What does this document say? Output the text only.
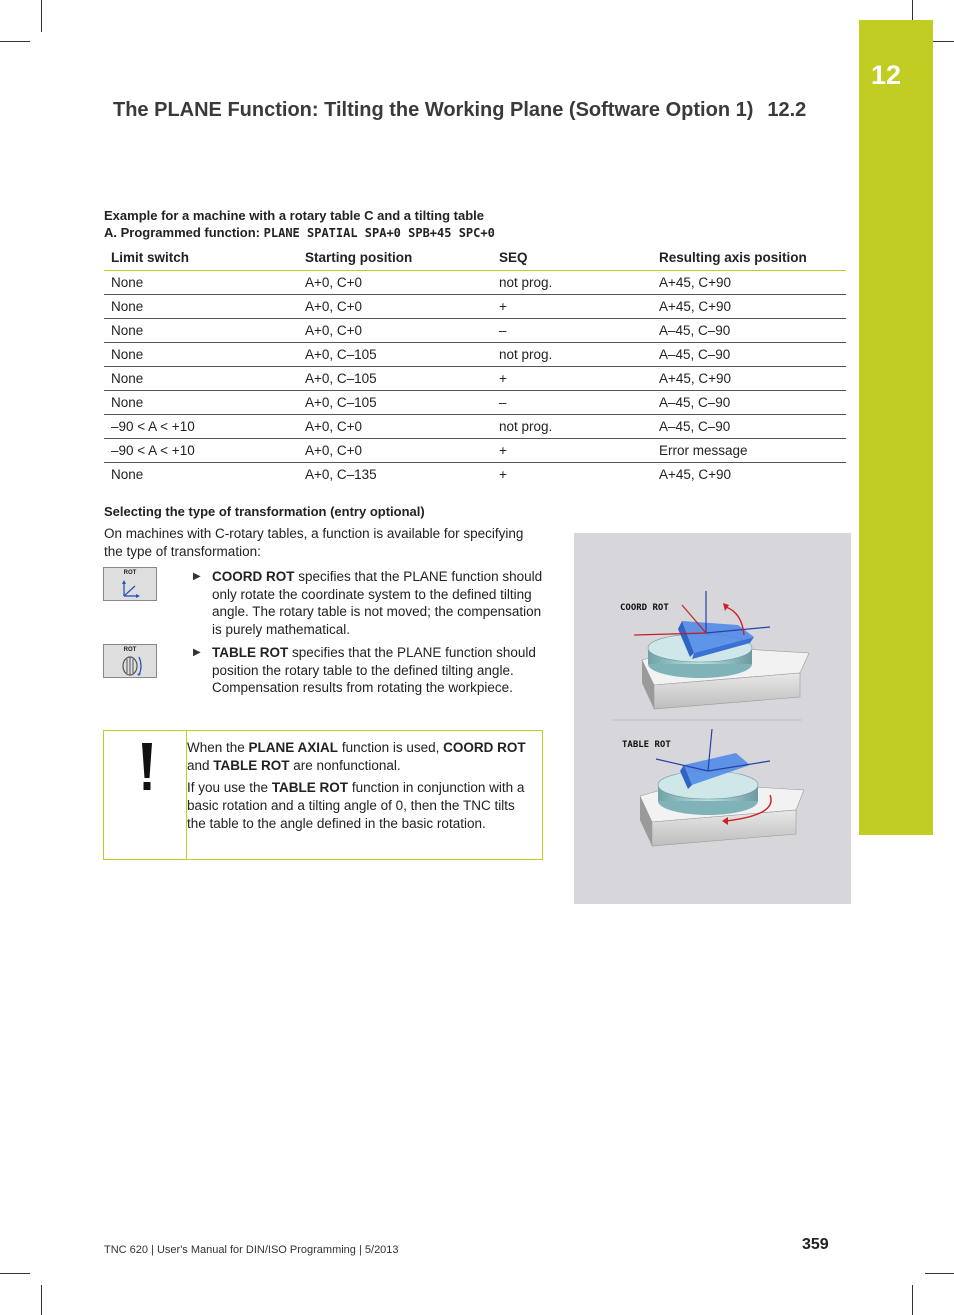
12
The PLANE Function: Tilting the Working Plane (Software Option 1) 12.2
Example for a machine with a rotary table C and a tilting table
A. Programmed function: PLANE SPATIAL SPA+0 SPB+45 SPC+0
Limit switch	Starting position	SEQ	Resulting axis position
None	A+0, C+0	not prog.	A+45, C+90
None	A+0, C+0	+	A+45, C+90
None	A+0, C+0	–	A–45, C–90
None	A+0, C–105	not prog.	A–45, C–90
None	A+0, C–105	+	A+45, C+90
None	A+0, C–105	–	A–45, C–90
–90 < A < +10	A+0, C+0	not prog.	A–45, C–90
–90 < A < +10	A+0, C+0	+	Error message
None	A+0, C–135	+	A+45, C+90
Selecting the type of transformation (entry optional)
On machines with C-rotary tables, a function is available for specifying the type of transformation:
ROT	▶ COORD ROT specifies that the PLANE function should only rotate the coordinate system to the defined tilting angle. The rotary table is not moved; the compensation is purely mathematical.
ROT	▶ TABLE ROT specifies that the PLANE function should position the rotary table to the defined tilting angle. Compensation results from rotating the workpiece.

When the PLANE AXIAL function is used, COORD ROT and TABLE ROT are nonfunctional.

If you use the TABLE ROT function in conjunction with a basic rotation and a tilting angle of 0, then the TNC tilts the table to the angle defined in the basic rotation.

COORD ROT
TABLE ROT
TNC 620 | User's Manual for DIN/ISO Programming | 5/2013	359
